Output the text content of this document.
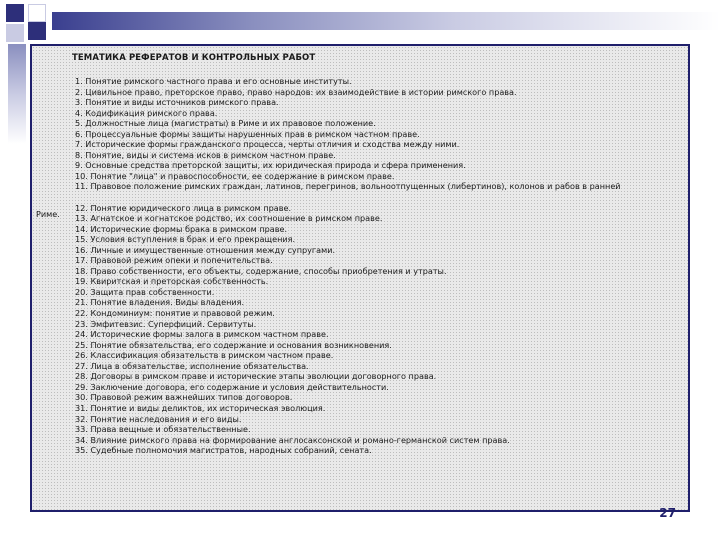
ТЕМАТИКА РЕФЕРАТОВ И КОНТРОЛЬНЫХ РАБОТ
1. Понятие римского частного права и его основные институты.
2. Цивильное право, преторское право, право народов: их взаимодействие в истории римского права.
3. Понятие и виды источников римского права.
4. Кодификация римского права.
5. Должностные лица (магистраты) в Риме и их правовое положение.
6. Процессуальные формы защиты нарушенных прав в римском частном праве.
7. Исторические формы гражданского процесса, черты отличия и сходства между ними.
8. Понятие, виды и система исков в римском частном праве.
9. Основные средства преторской защиты, их юридическая природа и сфера применения.
10. Понятие "лица" и правоспособности, ее содержание в римском праве.
11. Правовое положение римских граждан, латинов, перегринов, вольноотпущенных (либертинов), колонов и рабов в ранней

12. Понятие юридического лица в римском праве.
13. Агнатское и когнатское родство, их соотношение в римском праве.
14. Исторические формы брака в римском праве.
15. Условия вступления в брак и его прекращения.
16. Личные и имущественные отношения между супругами.
17. Правовой режим опеки и попечительства.
18. Право собственности, его объекты, содержание, способы приобретения и утраты.
19. Квиритская и преторская собственность.
20. Защита прав собственности.
21. Понятие владения. Виды владения.
22. Кондоминиум: понятие и правовой режим.
23. Эмфитевзис. Суперфиций. Сервитуты.
24. Исторические формы залога в римском частном праве.
25. Понятие обязательства, его содержание и основания возникновения.
26. Классификация обязательств в римском частном праве.
27. Лица в обязательстве, исполнение обязательства.
28. Договоры в римском праве и исторические этапы эволюции договорного права.
29. Заключение договора, его содержание и условия действительности.
30. Правовой режим важнейших типов договоров.
31. Понятие и виды деликтов, их историческая эволюция.
32. Понятие наследования и его виды.
33. Права вещные и обязательственные.
34. Влияние римского права на формирование англосаксонской и романо-германской систем права.
35. Судебные полномочия магистратов, народных собраний, сената.
Риме.
27
